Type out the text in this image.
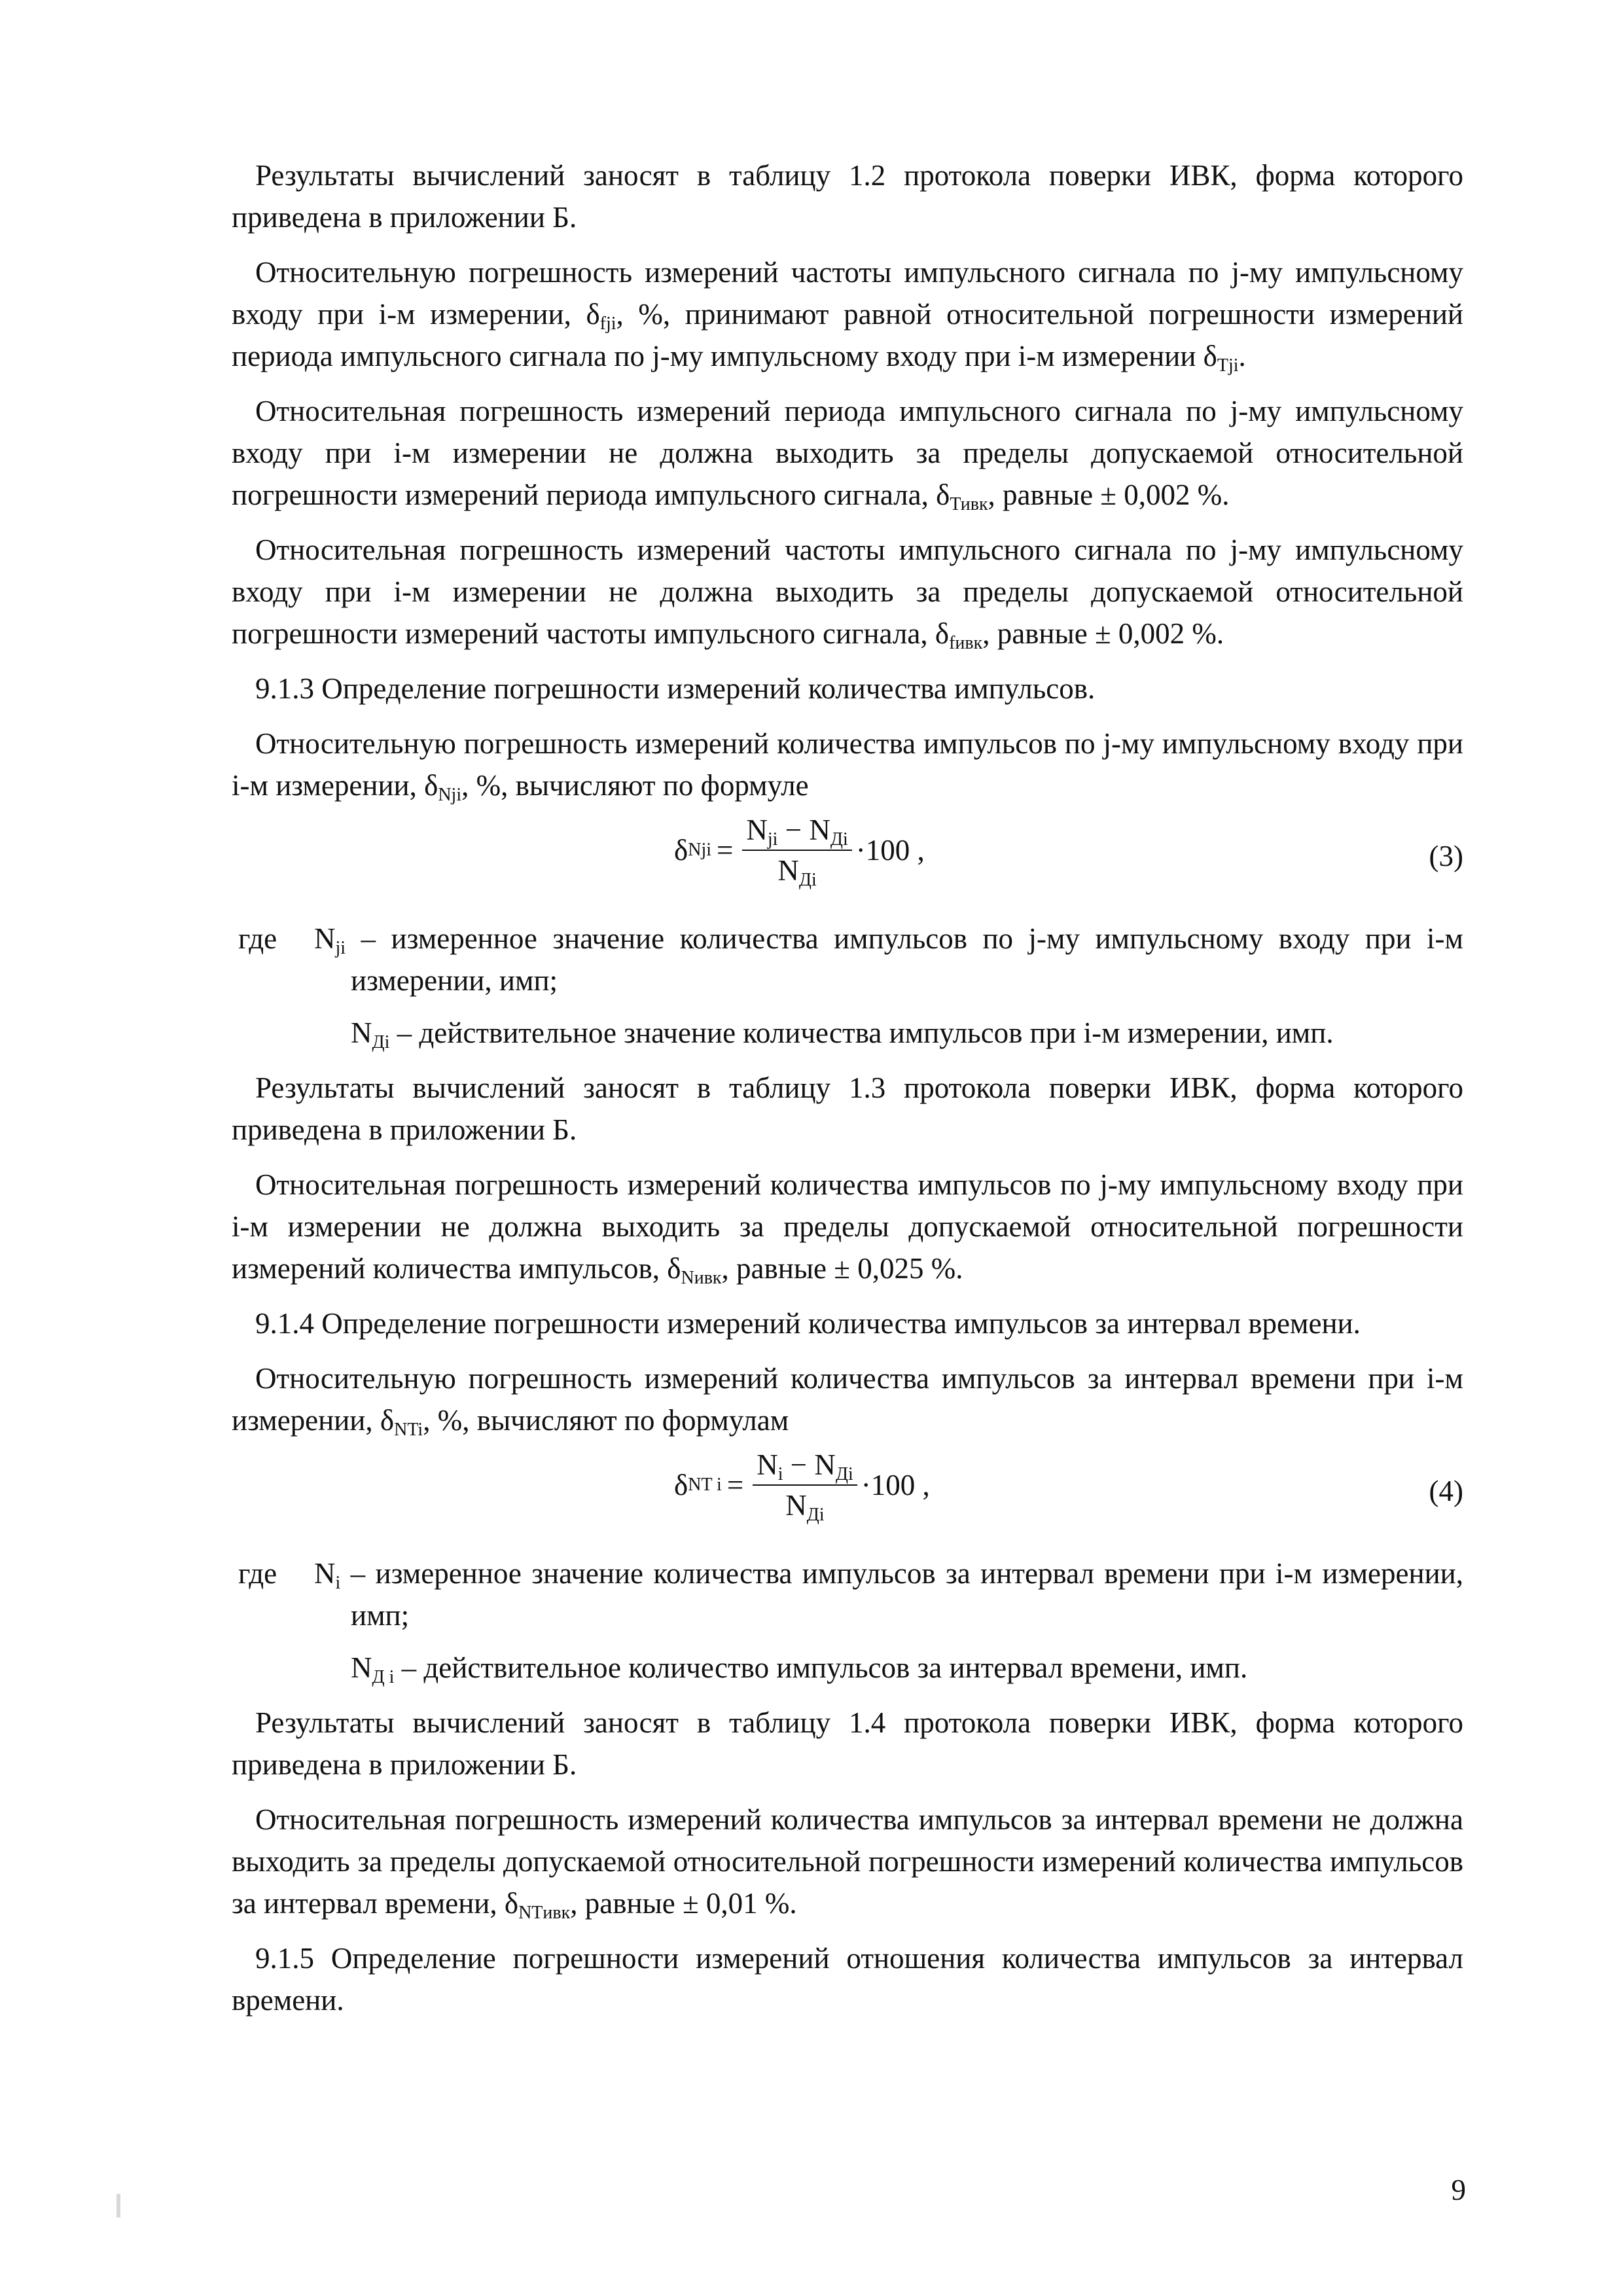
Результаты вычислений заносят в таблицу 1.2 протокола поверки ИВК, форма которого приведена в приложении Б.

Относительную погрешность измерений частоты импульсного сигнала по j-му импульсному входу при i-м измерении, $\delta_{fji}$, %, принимают равной относительной погрешности измерений периода импульсного сигнала по j-му импульсному входу при i-м измерении $\delta_{Tji}$.

Относительная погрешность измерений периода импульсного сигнала по j-му импульсному входу при i-м измерении не должна выходить за пределы допускаемой относительной погрешности измерений периода импульсного сигнала, $\delta_{Тивк}$, равные ± 0,002 %.

Относительная погрешность измерений частоты импульсного сигнала по j-му импульсному входу при i-м измерении не должна выходить за пределы допускаемой относительной погрешности измерений частоты импульсного сигнала, $\delta_{fивк}$, равные ± 0,002 %.

9.1.3 Определение погрешности измерений количества импульсов.

Относительную погрешность измерений количества импульсов по j-му импульсному входу при i-м измерении, $\delta_{Nji}$, %, вычисляют по формуле

δ Nji = $\frac{N_{ji} - N_{Дi}}{N_{Дi}} \cdot 100$ ,	(3)
где $N_{ji}$ – измеренное значение количества импульсов по j-му импульсному входу при i-м измерении, имп;
$N_{Дi}$ – действительное значение количества импульсов при i-м измерении, имп.

Результаты вычислений заносят в таблицу 1.3 протокола поверки ИВК, форма которого приведена в приложении Б.

Относительная погрешность измерений количества импульсов по j-му импульсному входу при i-м измерении не должна выходить за пределы допускаемой относительной погрешности измерений количества импульсов, $\delta_{Nивк}$, равные ± 0,025 %.

9.1.4 Определение погрешности измерений количества импульсов за интервал времени.

Относительную погрешность измерений количества импульсов за интервал времени при i-м измерении, $\delta_{NTi}$, %, вычисляют по формулам

δ NT $i = \frac{N_i - N_{Дi}}{N_{Дi}} \cdot 100$ ,	(4)
где $N_i$ – измеренное значение количества импульсов за интервал времени при i-м измерении, имп;
$N_{Д i}$ – действительное количество импульсов за интервал времени, имп.

Результаты вычислений заносят в таблицу 1.4 протокола поверки ИВК, форма которого приведена в приложении Б.

Относительная погрешность измерений количества импульсов за интервал времени не должна выходить за пределы допускаемой относительной погрешности измерений количества импульсов за интервал времени, $\delta_{NTивк}$, равные ± 0,01 %.

9.1.5 Определение погрешности измерений отношения количества импульсов за интервал времени.

9
